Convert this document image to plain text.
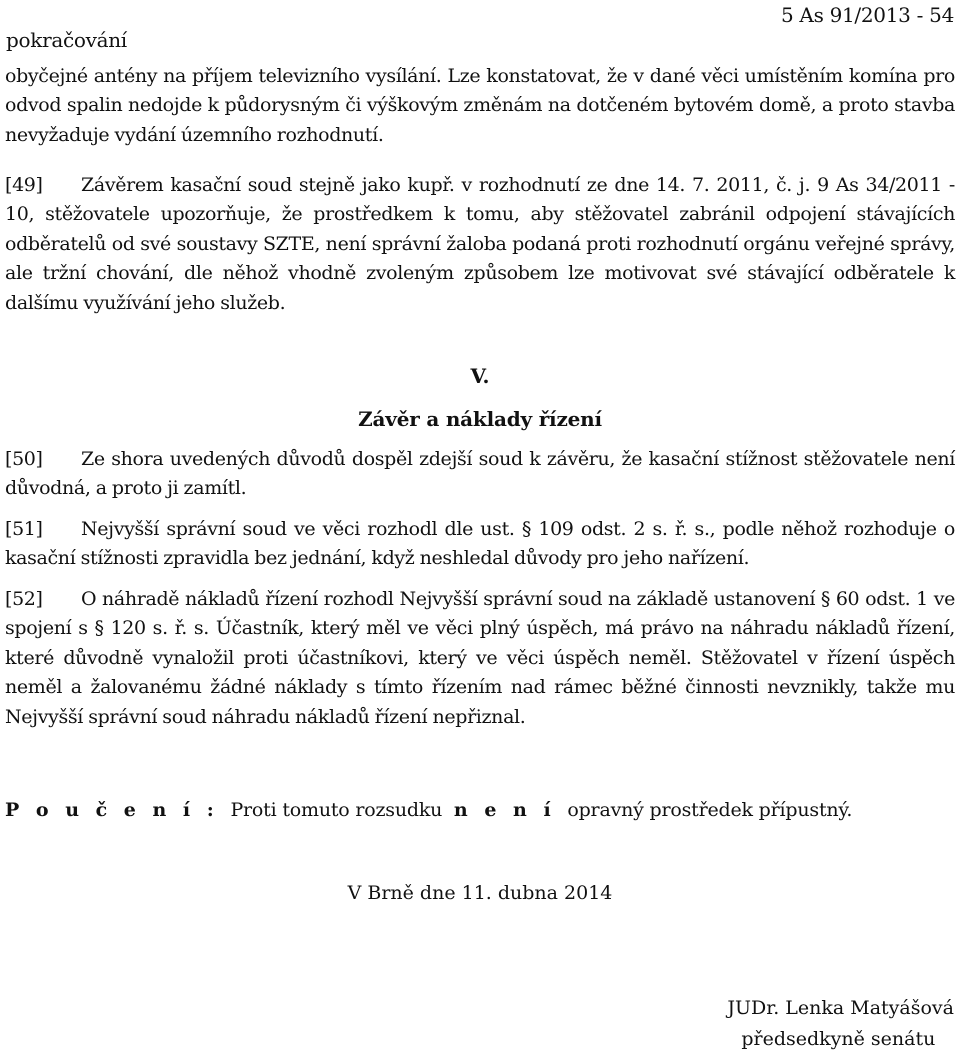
pokračování
5 As 91/2013 - 54
obyčejné antény na příjem televizního vysílání. Lze konstatovat, že v dané věci umístěním komína pro odvod spalin nedojde k půdorysným či výškovým změnám na dotčeném bytovém domě, a proto stavba nevyžaduje vydání územního rozhodnutí.
[49] Závěrem kasační soud stejně jako kupř. v rozhodnutí ze dne 14. 7. 2011, č. j. 9 As 34/2011 - 10, stěžovatele upozorňuje, že prostředkem k tomu, aby stěžovatel zabránil odpojení stávajících odběratelů od své soustavy SZTE, není správní žaloba podaná proti rozhodnutí orgánu veřejné správy, ale tržní chování, dle něhož vhodně zvoleným způsobem lze motivovat své stávající odběratele k dalšímu využívání jeho služeb.
V.
Závěr a náklady řízení
[50] Ze shora uvedených důvodů dospěl zdejší soud k závěru, že kasační stížnost stěžovatele není důvodná, a proto ji zamítl.
[51] Nejvyšší správní soud ve věci rozhodl dle ust. § 109 odst. 2 s. ř. s., podle něhož rozhoduje o kasační stížnosti zpravidla bez jednání, když neshledal důvody pro jeho nařízení.
[52] O náhradě nákladů řízení rozhodl Nejvyšší správní soud na základě ustanovení § 60 odst. 1 ve spojení s § 120 s. ř. s. Účastník, který měl ve věci plný úspěch, má právo na náhradu nákladů řízení, které důvodně vynaložil proti účastníkovi, který ve věci úspěch neměl. Stěžovatel v řízení úspěch neměl a žalovanému žádné náklady s tímto řízením nad rámec běžné činnosti nevznikly, takže mu Nejvyšší správní soud náhradu nákladů řízení nepřiznal.
P o u č e n í : Proti tomuto rozsudku n e n í opravný prostředek přípustný.
V Brně dne 11. dubna 2014
JUDr. Lenka Matyášová
předsedkyně senátu
